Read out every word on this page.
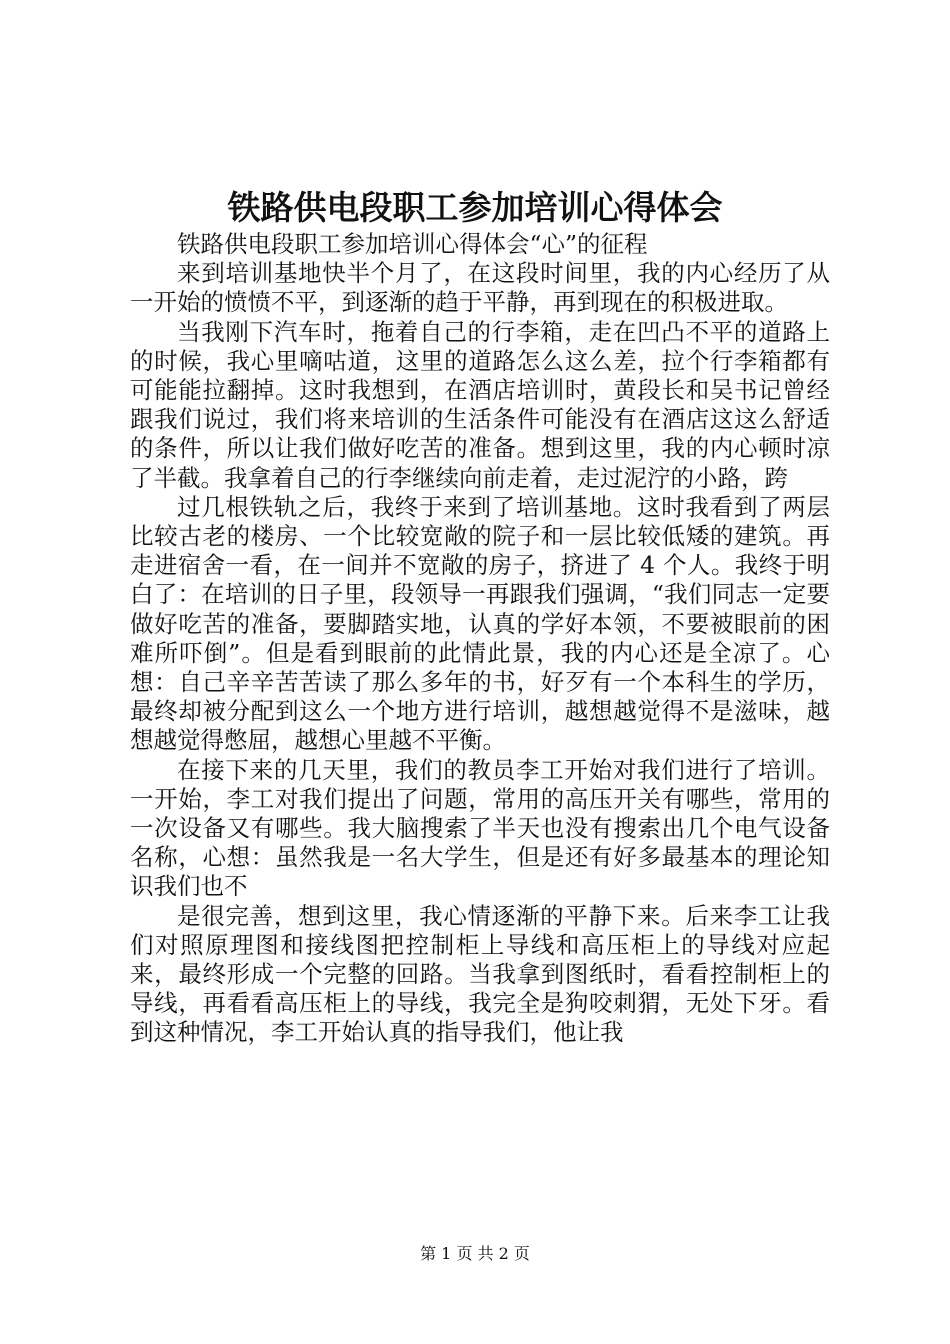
铁路供电段职工参加培训心得体会

铁路供电段职工参加培训心得体会“心”的征程

来到培训基地快半个月了，在这段时间里，我的内心经历了从一开始的愤愤不平，到逐渐的趋于平静，再到现在的积极进取。

当我刚下汽车时，拖着自己的行李箱，走在凹凸不平的道路上的时候，我心里嘀咕道，这里的道路怎么这么差，拉个行李箱都有可能能拉翻掉。这时我想到，在酒店培训时，黄段长和吴书记曾经跟我们说过，我们将来培训的生活条件可能没有在酒店这这么舒适的条件，所以让我们做好吃苦的准备。想到这里，我的内心顿时凉了半截。我拿着自己的行李继续向前走着，走过泥泞的小路，跨

过几根铁轨之后，我终于来到了培训基地。这时我看到了两层比较古老的楼房、一个比较宽敞的院子和一层比较低矮的建筑。再走进宿舍一看，在一间并不宽敞的房子，挤进了 4 个人。我终于明白了：在培训的日子里，段领导一再跟我们强调，“我们同志一定要做好吃苦的准备，要脚踏实地，认真的学好本领，不要被眼前的困难所吓倒”。但是看到眼前的此情此景，我的内心还是全凉了。心想：自己辛辛苦苦读了那么多年的书，好歹有一个本科生的学历，最终却被分配到这么一个地方进行培训，越想越觉得不是滋味，越想越觉得憋屈，越想心里越不平衡。

在接下来的几天里，我们的教员李工开始对我们进行了培训。一开始，李工对我们提出了问题，常用的高压开关有哪些，常用的一次设备又有哪些。我大脑搜索了半天也没有搜索出几个电气设备名称，心想：虽然我是一名大学生，但是还有好多最基本的理论知识我们也不

是很完善，想到这里，我心情逐渐的平静下来。后来李工让我们对照原理图和接线图把控制柜上导线和高压柜上的导线对应起来，最终形成一个完整的回路。当我拿到图纸时，看看控制柜上的导线，再看看高压柜上的导线，我完全是狗咬刺猬，无处下牙。看到这种情况，李工开始认真的指导我们，他让我

第 1 页 共 2 页
